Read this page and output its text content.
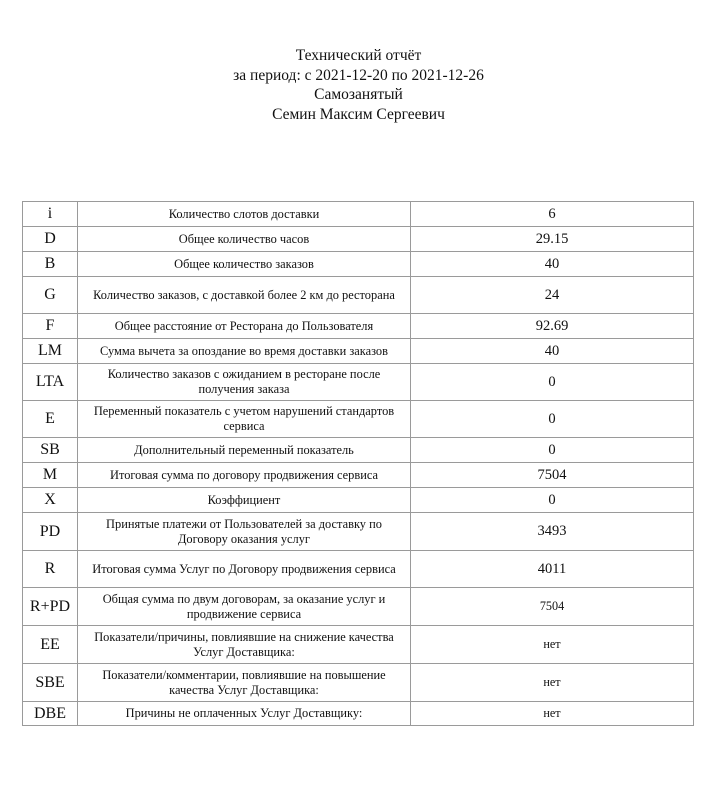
Технический отчёт
за период: с 2021-12-20 по 2021-12-26
Самозанятый
Семин Максим Сергеевич
i	Количество слотов доставки	6
D	Общее количество часов	29.15
B	Общее количество заказов	40
G	Количество заказов, с доставкой более 2 км до ресторана	24
F	Общее расстояние от Ресторана до Пользователя	92.69
LM	Сумма вычета за опоздание во время доставки заказов	40
LTA	Количество заказов с ожиданием в ресторане после получения заказа	0
E	Переменный показатель с учетом нарушений стандартов сервиса	0
SB	Дополнительный переменный показатель	0
M	Итоговая сумма по договору продвижения сервиса	7504
X	Коэффициент	0
PD	Принятые платежи от Пользователей за доставку по Договору оказания услуг	3493
R	Итоговая сумма Услуг по Договору продвижения сервиса	4011
R+PD	Общая сумма по двум договорам, за оказание услуг и продвижение сервиса	7504
EE	Показатели/причины, повлиявшие на снижение качества Услуг Доставщика:	нет
SBE	Показатели/комментарии, повлиявшие на повышение качества Услуг Доставщика:	нет
DBE	Причины не оплаченных Услуг Доставщику:	нет
